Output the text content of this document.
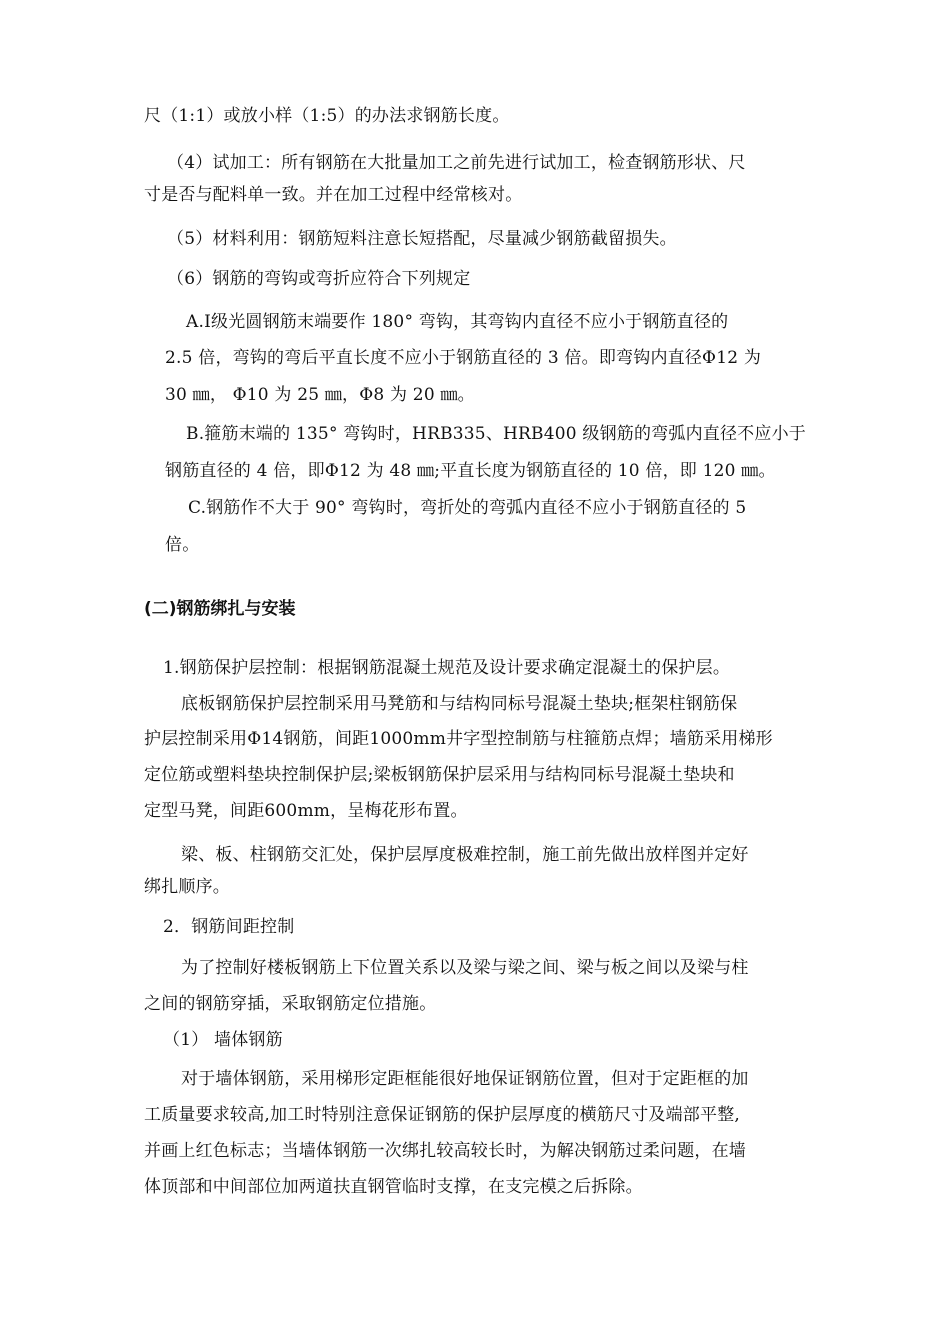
尺（1:1）或放小样（1:5）的办法求钢筋长度。
（4）试加工：所有钢筋在大批量加工之前先进行试加工，检查钢筋形状、尺
寸是否与配料单一致。并在加工过程中经常核对。
（5）材料利用：钢筋短料注意长短搭配，尽量减少钢筋截留损失。
（6）钢筋的弯钩或弯折应符合下列规定
A.Ⅰ级光圆钢筋末端要作 180° 弯钩，其弯钩内直径不应小于钢筋直径的
2.5 倍，弯钩的弯后平直长度不应小于钢筋直径的 3 倍。即弯钩内直径Φ12 为
30 ㎜， Φ10 为 25 ㎜，Φ8 为 20 ㎜。
B.箍筋末端的 135° 弯钩时，HRB335、HRB400 级钢筋的弯弧内直径不应小于
钢筋直径的 4 倍，即Φ12 为 48 ㎜;平直长度为钢筋直径的 10 倍，即 120 ㎜。
C.钢筋作不大于 90° 弯钩时，弯折处的弯弧内直径不应小于钢筋直径的 5
倍。
(二)钢筋绑扎与安装
1.钢筋保护层控制：根据钢筋混凝土规范及设计要求确定混凝土的保护层。
底板钢筋保护层控制采用马凳筋和与结构同标号混凝土垫块;框架柱钢筋保
护层控制采用Φ14钢筋，间距1000mm井字型控制筋与柱箍筋点焊；墙筋采用梯形
定位筋或塑料垫块控制保护层;梁板钢筋保护层采用与结构同标号混凝土垫块和
定型马凳，间距600mm，呈梅花形布置。
梁、板、柱钢筋交汇处，保护层厚度极难控制，施工前先做出放样图并定好
绑扎顺序。
2．钢筋间距控制
为了控制好楼板钢筋上下位置关系以及梁与梁之间、梁与板之间以及梁与柱
之间的钢筋穿插，采取钢筋定位措施。
（1） 墙体钢筋
对于墙体钢筋，采用梯形定距框能很好地保证钢筋位置，但对于定距框的加
工质量要求较高,加工时特别注意保证钢筋的保护层厚度的横筋尺寸及端部平整,
并画上红色标志；当墙体钢筋一次绑扎较高较长时，为解决钢筋过柔问题，在墙
体顶部和中间部位加两道扶直钢管临时支撑，在支完模之后拆除。
